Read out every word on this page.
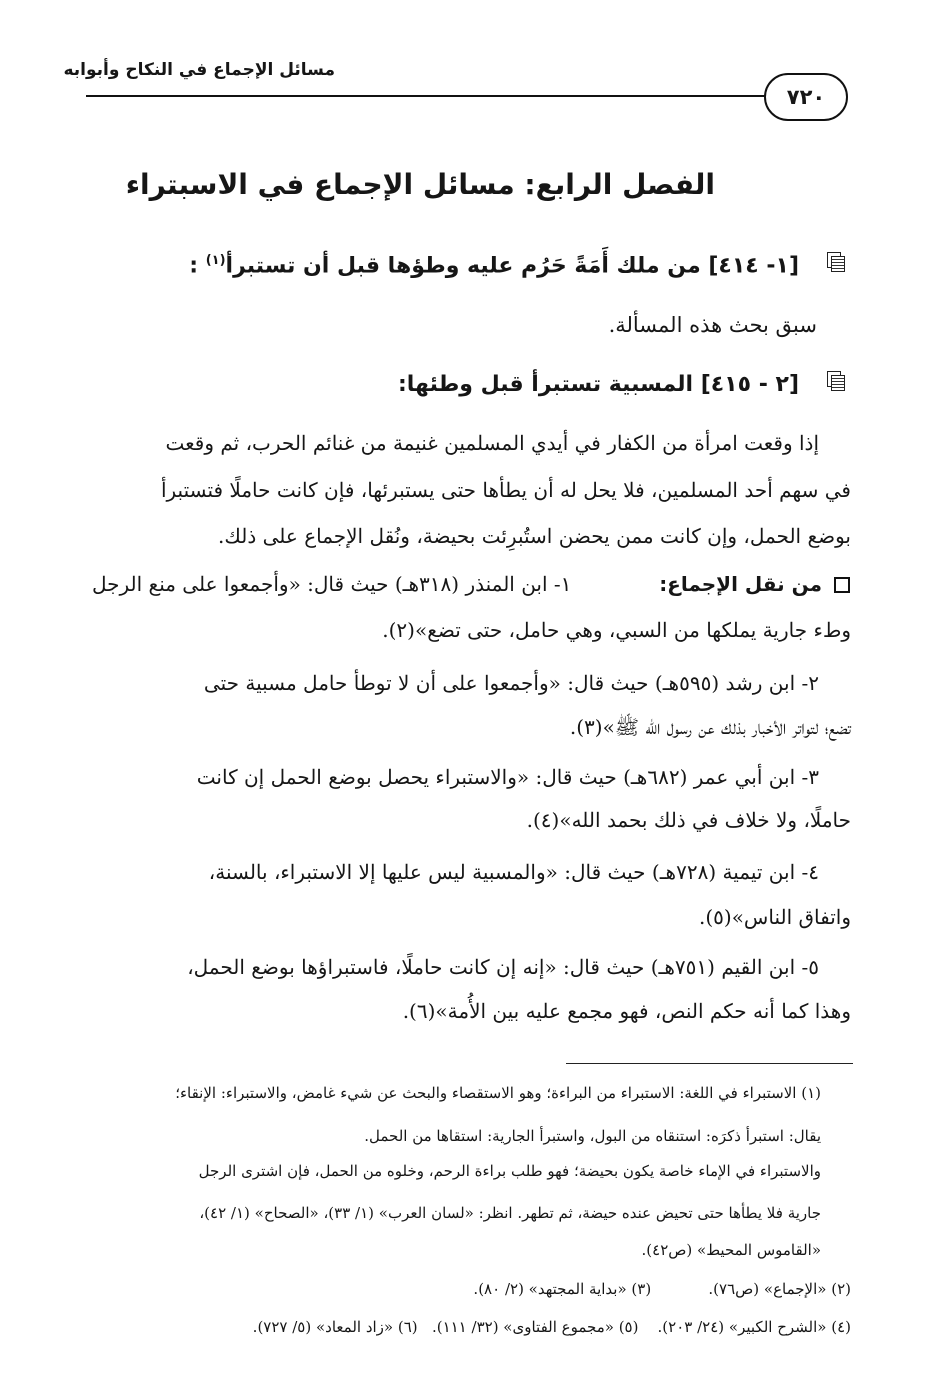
مسائل الإجماع في النكاح وأبوابه
٧٢٠
الفصل الرابع: مسائل الإجماع في الاسبتراء
[١- ٤١٤] من ملك أَمَةً حَرُم عليه وطؤها قبل أن تستبرأ$^{(١)}$ :
سبق بحث هذه المسألة.
[٢ - ٤١٥] المسبية تستبرأ قبل وطئها:
إذا وقعت امرأة من الكفار في أيدي المسلمين غنيمة من غنائم الحرب، ثم وقعت
في سهم أحد المسلمين، فلا يحل له أن يطأها حتى يستبرئها، فإن كانت حاملًا فتستبرأ
بوضع الحمل، وإن كانت ممن يحضن استُبرِئت بحيضة، ونُقل الإجماع على ذلك.
من نقل الإجماع:
١- ابن المنذر (٣١٨هـ) حيث قال: «وأجمعوا على منع الرجل
وطء جارية يملكها من السبي، وهي حامل، حتى تضع»(٢).
٢- ابن رشد (٥٩٥هـ) حيث قال: «وأجمعوا على أن لا توطأ حامل مسبية حتى
تضع؛ لتواتر الأخبار بذلك عن رسول الله ﷺ»(٣).
٣- ابن أبي عمر (٦٨٢هـ) حيث قال: «والاستبراء يحصل بوضع الحمل إن كانت
حاملًا، ولا خلاف في ذلك بحمد الله»(٤).
٤- ابن تيمية (٧٢٨هـ) حيث قال: «والمسبية ليس عليها إلا الاستبراء، بالسنة،
واتفاق الناس»(٥).
٥- ابن القيم (٧٥١هـ) حيث قال: «إنه إن كانت حاملًا، فاستبراؤها بوضع الحمل،
وهذا كما أنه حكم النص، فهو مجمع عليه بين الأُمة»(٦).
(١) الاستبراء في اللغة: الاستبراء من البراءة؛ وهو الاستقصاء والبحث عن شيء غامض، والاستبراء: الإنقاء؛
يقال: استبرأ ذكرَه: استنقاه من البول، واستبرأ الجارية: استقاها من الحمل.
والاستبراء في الإماء خاصة يكون بحيضة؛ فهو طلب براءة الرحم، وخلوه من الحمل، فإن اشترى الرجل
جارية فلا يطأها حتى تحيض عنده حيضة، ثم تطهر. انظر: «لسان العرب» (١/ ٣٣)، «الصحاح» (١/ ٤٢)،
«القاموس المحيط» (ص٤٢).
(٢) «الإجماع» (ص٧٦).            (٣) «بداية المجتهد» (٢/ ٨٠).
(٤) «الشرح الكبير» (٢٤/ ٢٠٣).    (٥) «مجموع الفتاوى» (٣٢/ ١١١).   (٦) «زاد المعاد» (٥/ ٧٢٧).
